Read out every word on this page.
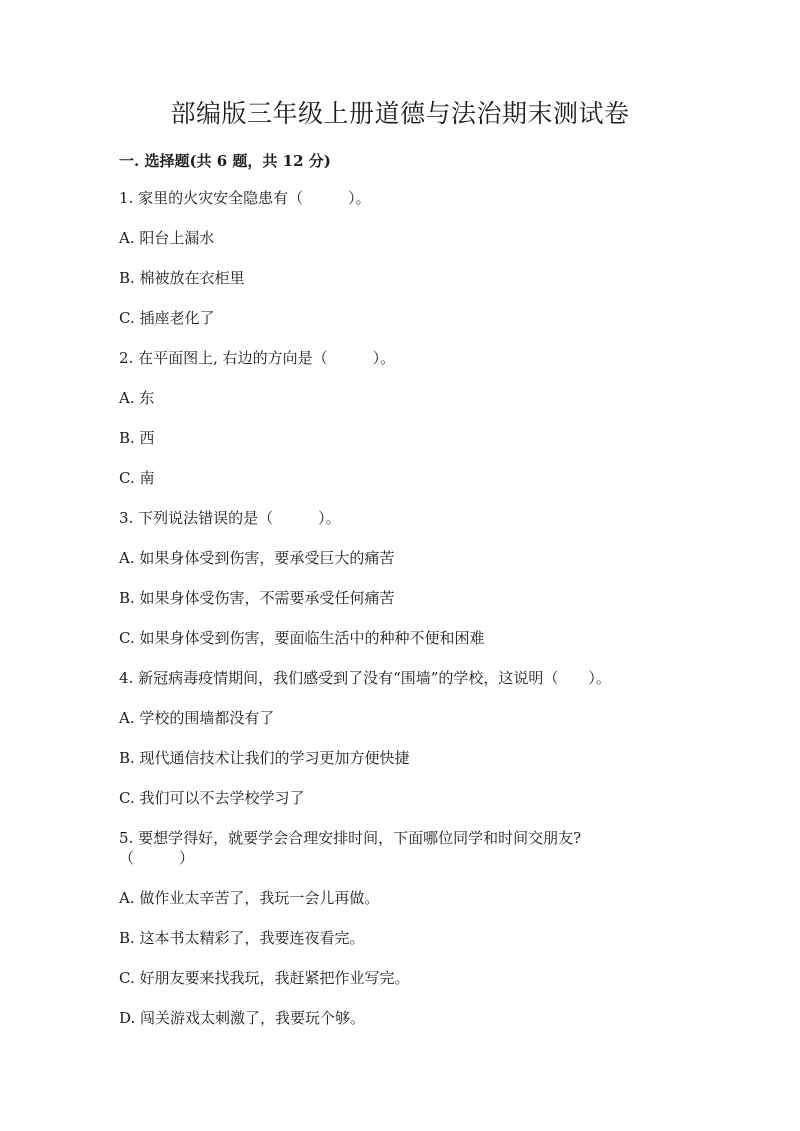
部编版三年级上册道德与法治期末测试卷
一. 选择题(共 6 题，共 12 分)
1. 家里的火灾安全隐患有（　　　）。
A. 阳台上漏水
B. 棉被放在衣柜里
C. 插座老化了
2. 在平面图上, 右边的方向是（　　　）。
A. 东
B. 西
C. 南
3. 下列说法错误的是（　　　）。
A. 如果身体受到伤害，要承受巨大的痛苦
B. 如果身体受伤害，不需要承受任何痛苦
C. 如果身体受到伤害，要面临生活中的种种不便和困难
4. 新冠病毒疫情期间，我们感受到了没有“围墙”的学校，这说明（　　）。
A. 学校的围墙都没有了
B. 现代通信技术让我们的学习更加方便快捷
C. 我们可以不去学校学习了
5. 要想学得好，就要学会合理安排时间，下面哪位同学和时间交朋友?
（　　　）
A. 做作业太辛苦了，我玩一会儿再做。
B. 这本书太精彩了，我要连夜看完。
C. 好朋友要来找我玩，我赶紧把作业写完。
D. 闯关游戏太刺激了，我要玩个够。
